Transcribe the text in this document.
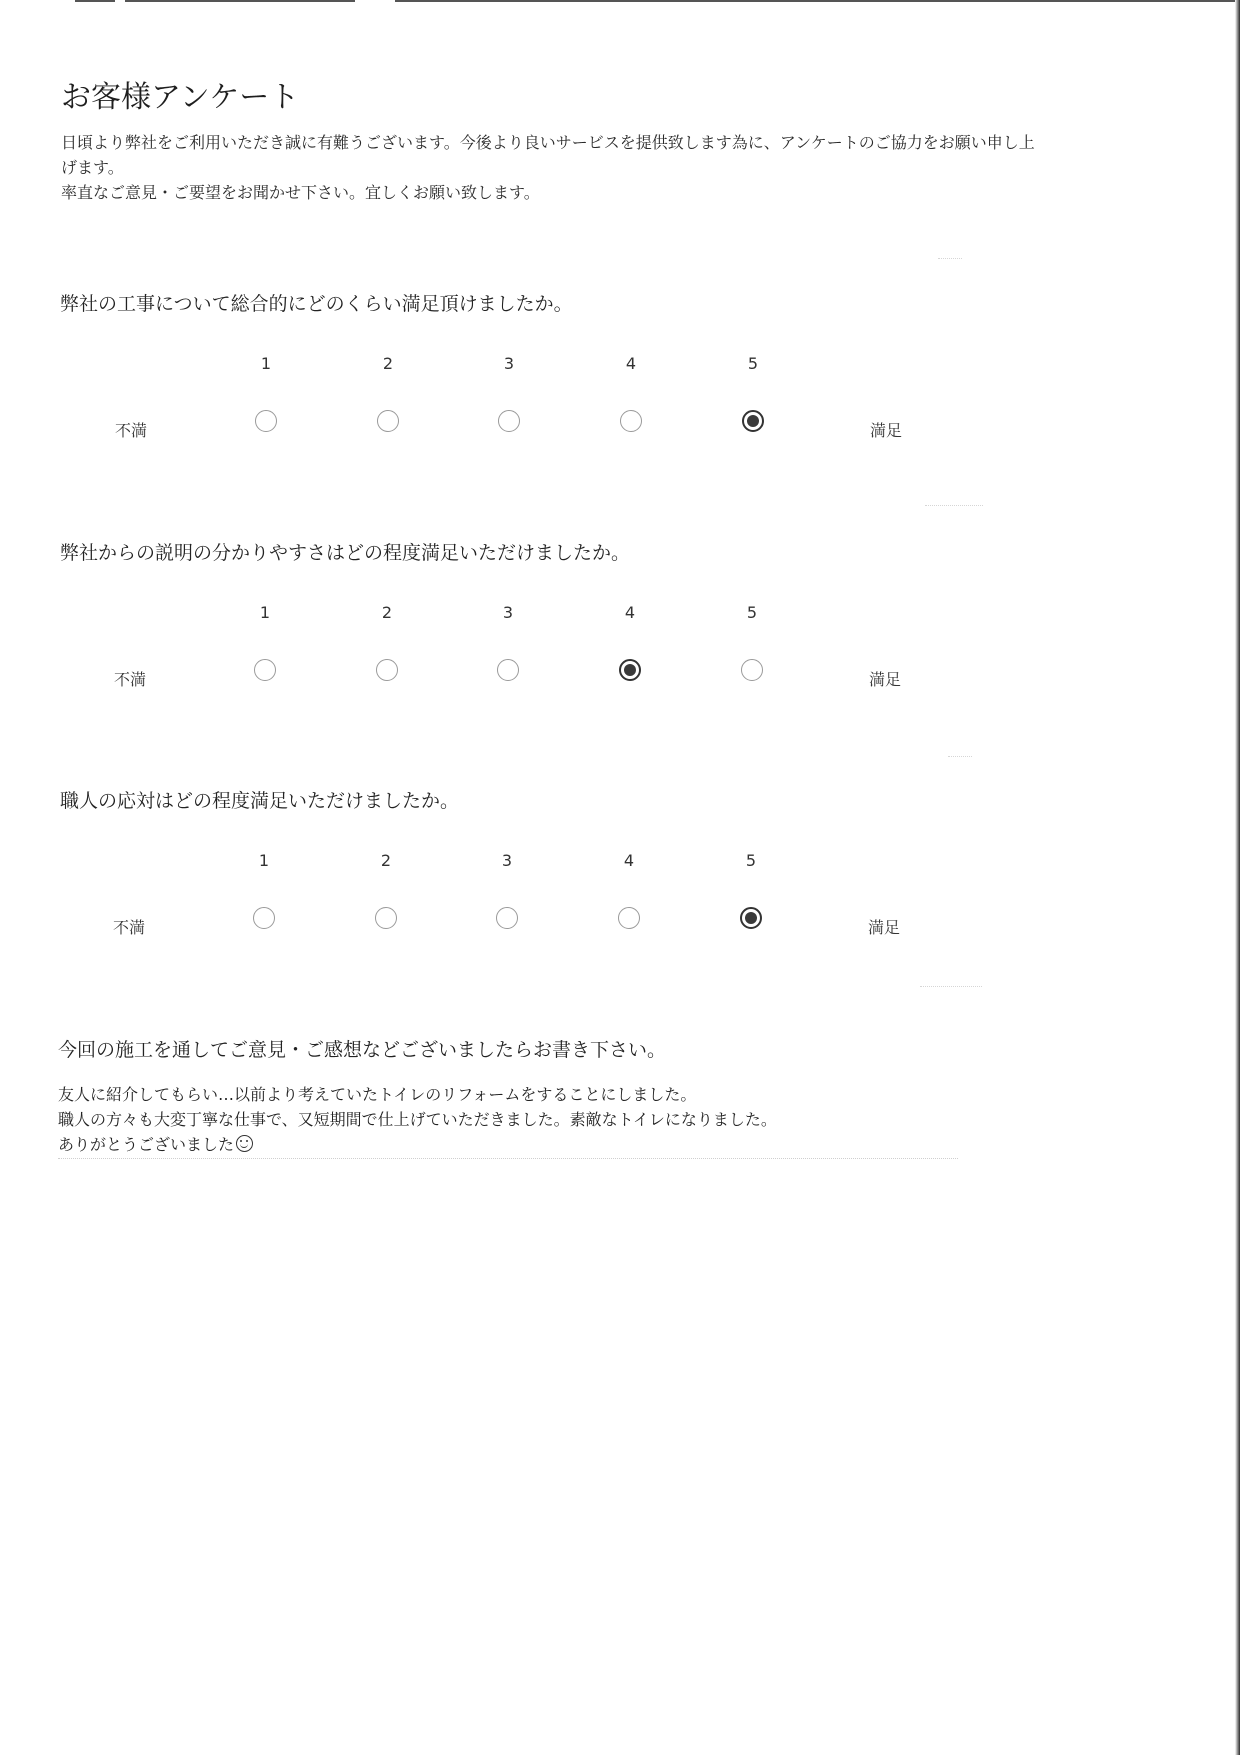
お客様アンケート
日頃より弊社をご利用いただき誠に有難うございます。今後より良いサービスを提供致します為に、アンケートのご協力をお願い申し上
げます。
率直なご意見・ご要望をお聞かせ下さい。宜しくお願い致します。
弊社の工事について総合的にどのくらい満足頂けましたか。
1	2	3	4	5
不満	満足
弊社からの説明の分かりやすさはどの程度満足いただけましたか。
1	2	3	4	5
不満	満足
職人の応対はどの程度満足いただけましたか。
1	2	3	4	5
不満	満足
今回の施工を通してご意見・ご感想などございましたらお書き下さい。
友人に紹介してもらい…以前より考えていたトイレのリフォームをすることにしました。
職人の方々も大変丁寧な仕事で、又短期間で仕上げていただきました。素敵なトイレになりました。
ありがとうございました
